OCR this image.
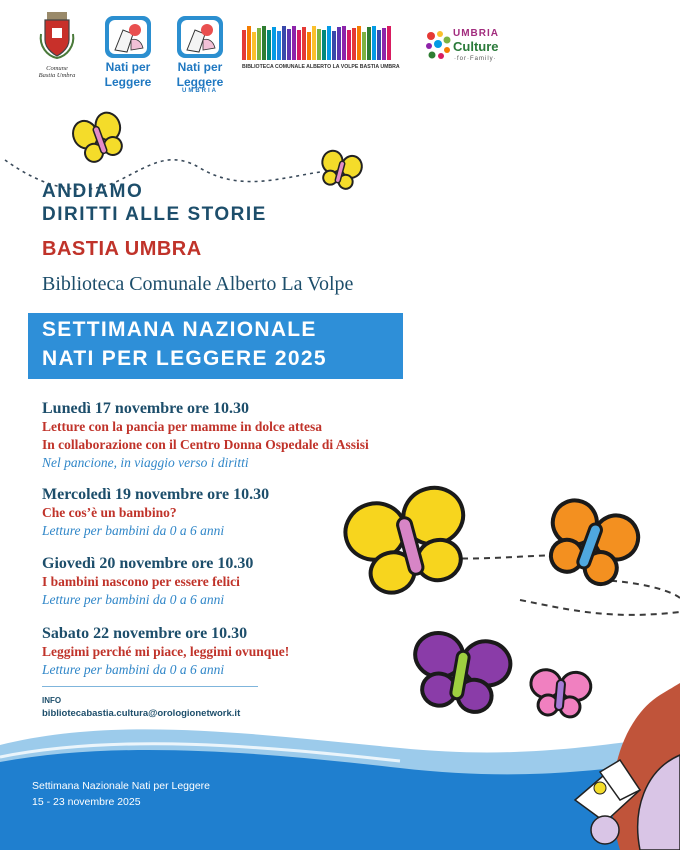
Comune
Bastia Umbra
Nati per
Leggere
Nati per
Leggere
UMBRIA
BIBLIOTECA COMUNALE ALBERTO LA VOLPE BASTIA UMBRA
UMBRIA
Culture
·for·Family·
ANDIAMO
DIRITTI ALLE STORIE
BASTIA UMBRA
Biblioteca Comunale Alberto La Volpe
SETTIMANA NAZIONALE
NATI PER LEGGERE 2025
Lunedì 17 novembre ore 10.30
Letture con la pancia per mamme in dolce attesa
In collaborazione con il Centro Donna Ospedale di Assisi
Nel pancione, in viaggio verso i diritti
Mercoledì 19 novembre ore 10.30
Che cos’è un bambino?
Letture per bambini da 0 a 6 anni
Giovedì 20 novembre ore 10.30
I bambini nascono per essere felici
Letture per bambini da 0 a 6 anni
Sabato 22 novembre ore 10.30
Leggimi perché mi piace, leggimi ovunque!
Letture per bambini da 0 a 6 anni
INFO
bibliotecabastia.cultura@orologionetwork.it
Settimana Nazionale Nati per Leggere
15 - 23 novembre 2025
